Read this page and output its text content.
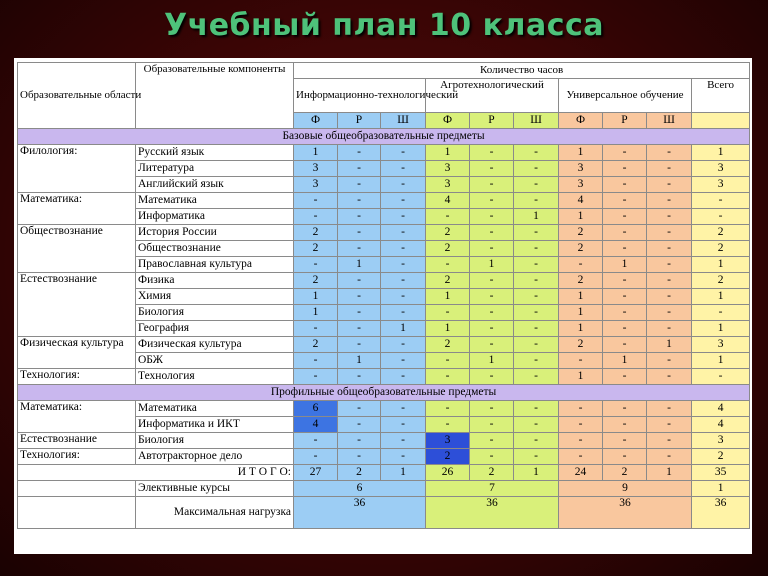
Учебный план 10 класса
Образовательные области	Образовательные компоненты	Количество часов									
		Информационно-технологический			Агротехнологический			Универсальное обучение			Всего
		Ф	Р	Ш	Ф	Р	Ш	Ф	Р	Ш	
Базовые общеобразовательные предметы											
Филология:	Русский язык	1	-	-	1	-	-	1	-	-	1
	Литература	3	-	-	3	-	-	3	-	-	3
	Английский язык	3	-	-	3	-	-	3	-	-	3
Математика:	Математика	-	-	-	4	-	-	4	-	-	-
	Информатика	-	-	-	-	-	1	1	-	-	-
Обществознание	История России	2	-	-	2	-	-	2	-	-	2
	Обществознание	2	-	-	2	-	-	2	-	-	2
	Православная культура	-	1	-	-	1	-	-	1	-	1
Естествознание	Физика	2	-	-	2	-	-	2	-	-	2
	Химия	1	-	-	1	-	-	1	-	-	1
	Биология	1	-	-	-	-	-	1	-	-	-
	География	-	-	1	1	-	-	1	-	-	1
Физическая культура	Физическая культура	2	-	-	2	-	-	2	-	1	3
	ОБЖ	-	1	-	-	1	-	-	1	-	1
Технология:	Технология	-	-	-	-	-	-	1	-	-	-
Профильные общеобразовательные предметы											
Математика:	Математика	6	-	-	-	-	-	-	-	-	4
	Информатика и ИКТ	4	-	-	-	-	-	-	-	-	4
Естествознание	Биология	-	-	-	3	-	-	-	-	-	3
Технология:	Автотракторное дело	-	-	-	2	-	-	-	-	-	2
И Т О Г О:		27	2	1	26	2	1	24	2	1	35
	Элективные курсы	6			7			9			1
	Максимальная нагрузка	36			36			36			36
